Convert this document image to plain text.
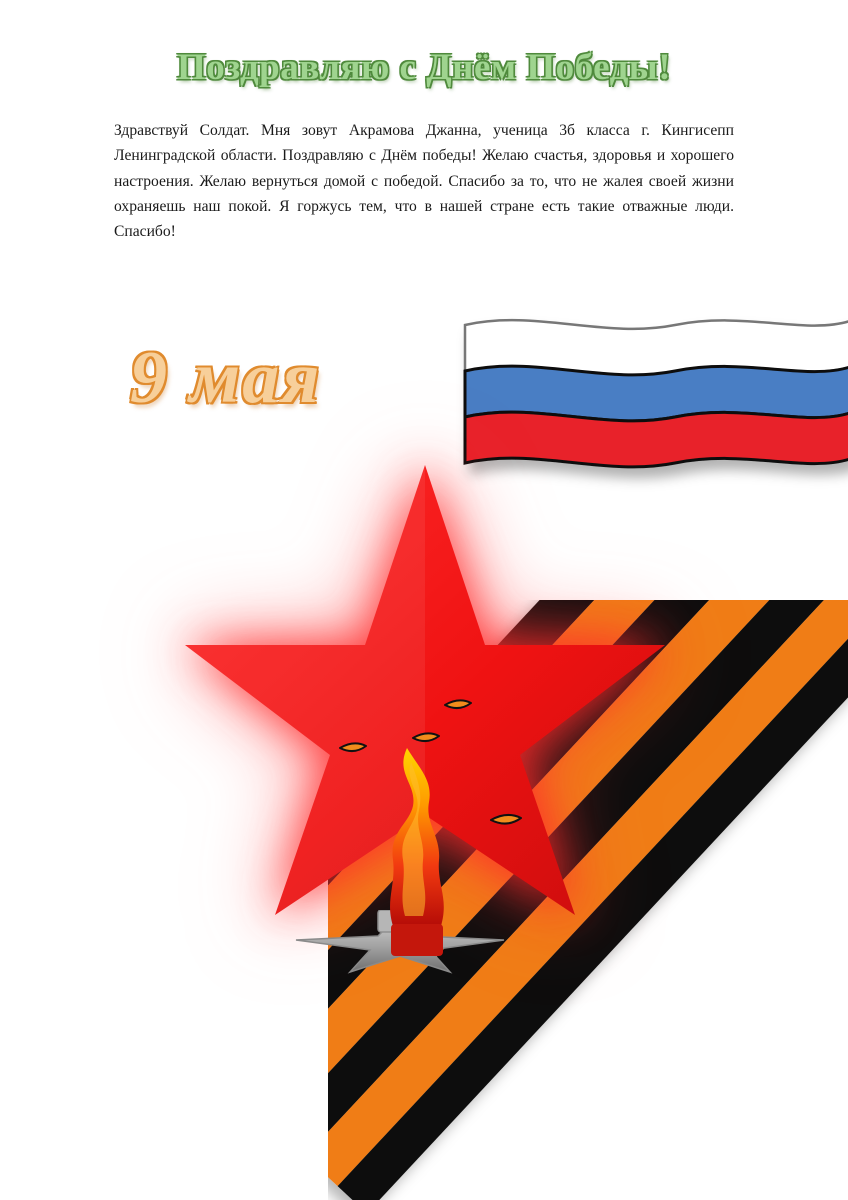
Поздравляю с Днём Победы!
Здравствуй Солдат. Мня зовут Акрамова Джанна, ученица 3б класса г. Кингисепп Ленинградской области. Поздравляю с Днём победы! Желаю счастья, здоровья и хорошего настроения. Желаю вернуться домой с победой. Спасибо за то, что не жалея своей жизни охраняешь наш покой. Я горжусь тем, что в нашей стране есть такие отважные люди. Спасибо!
9 мая
